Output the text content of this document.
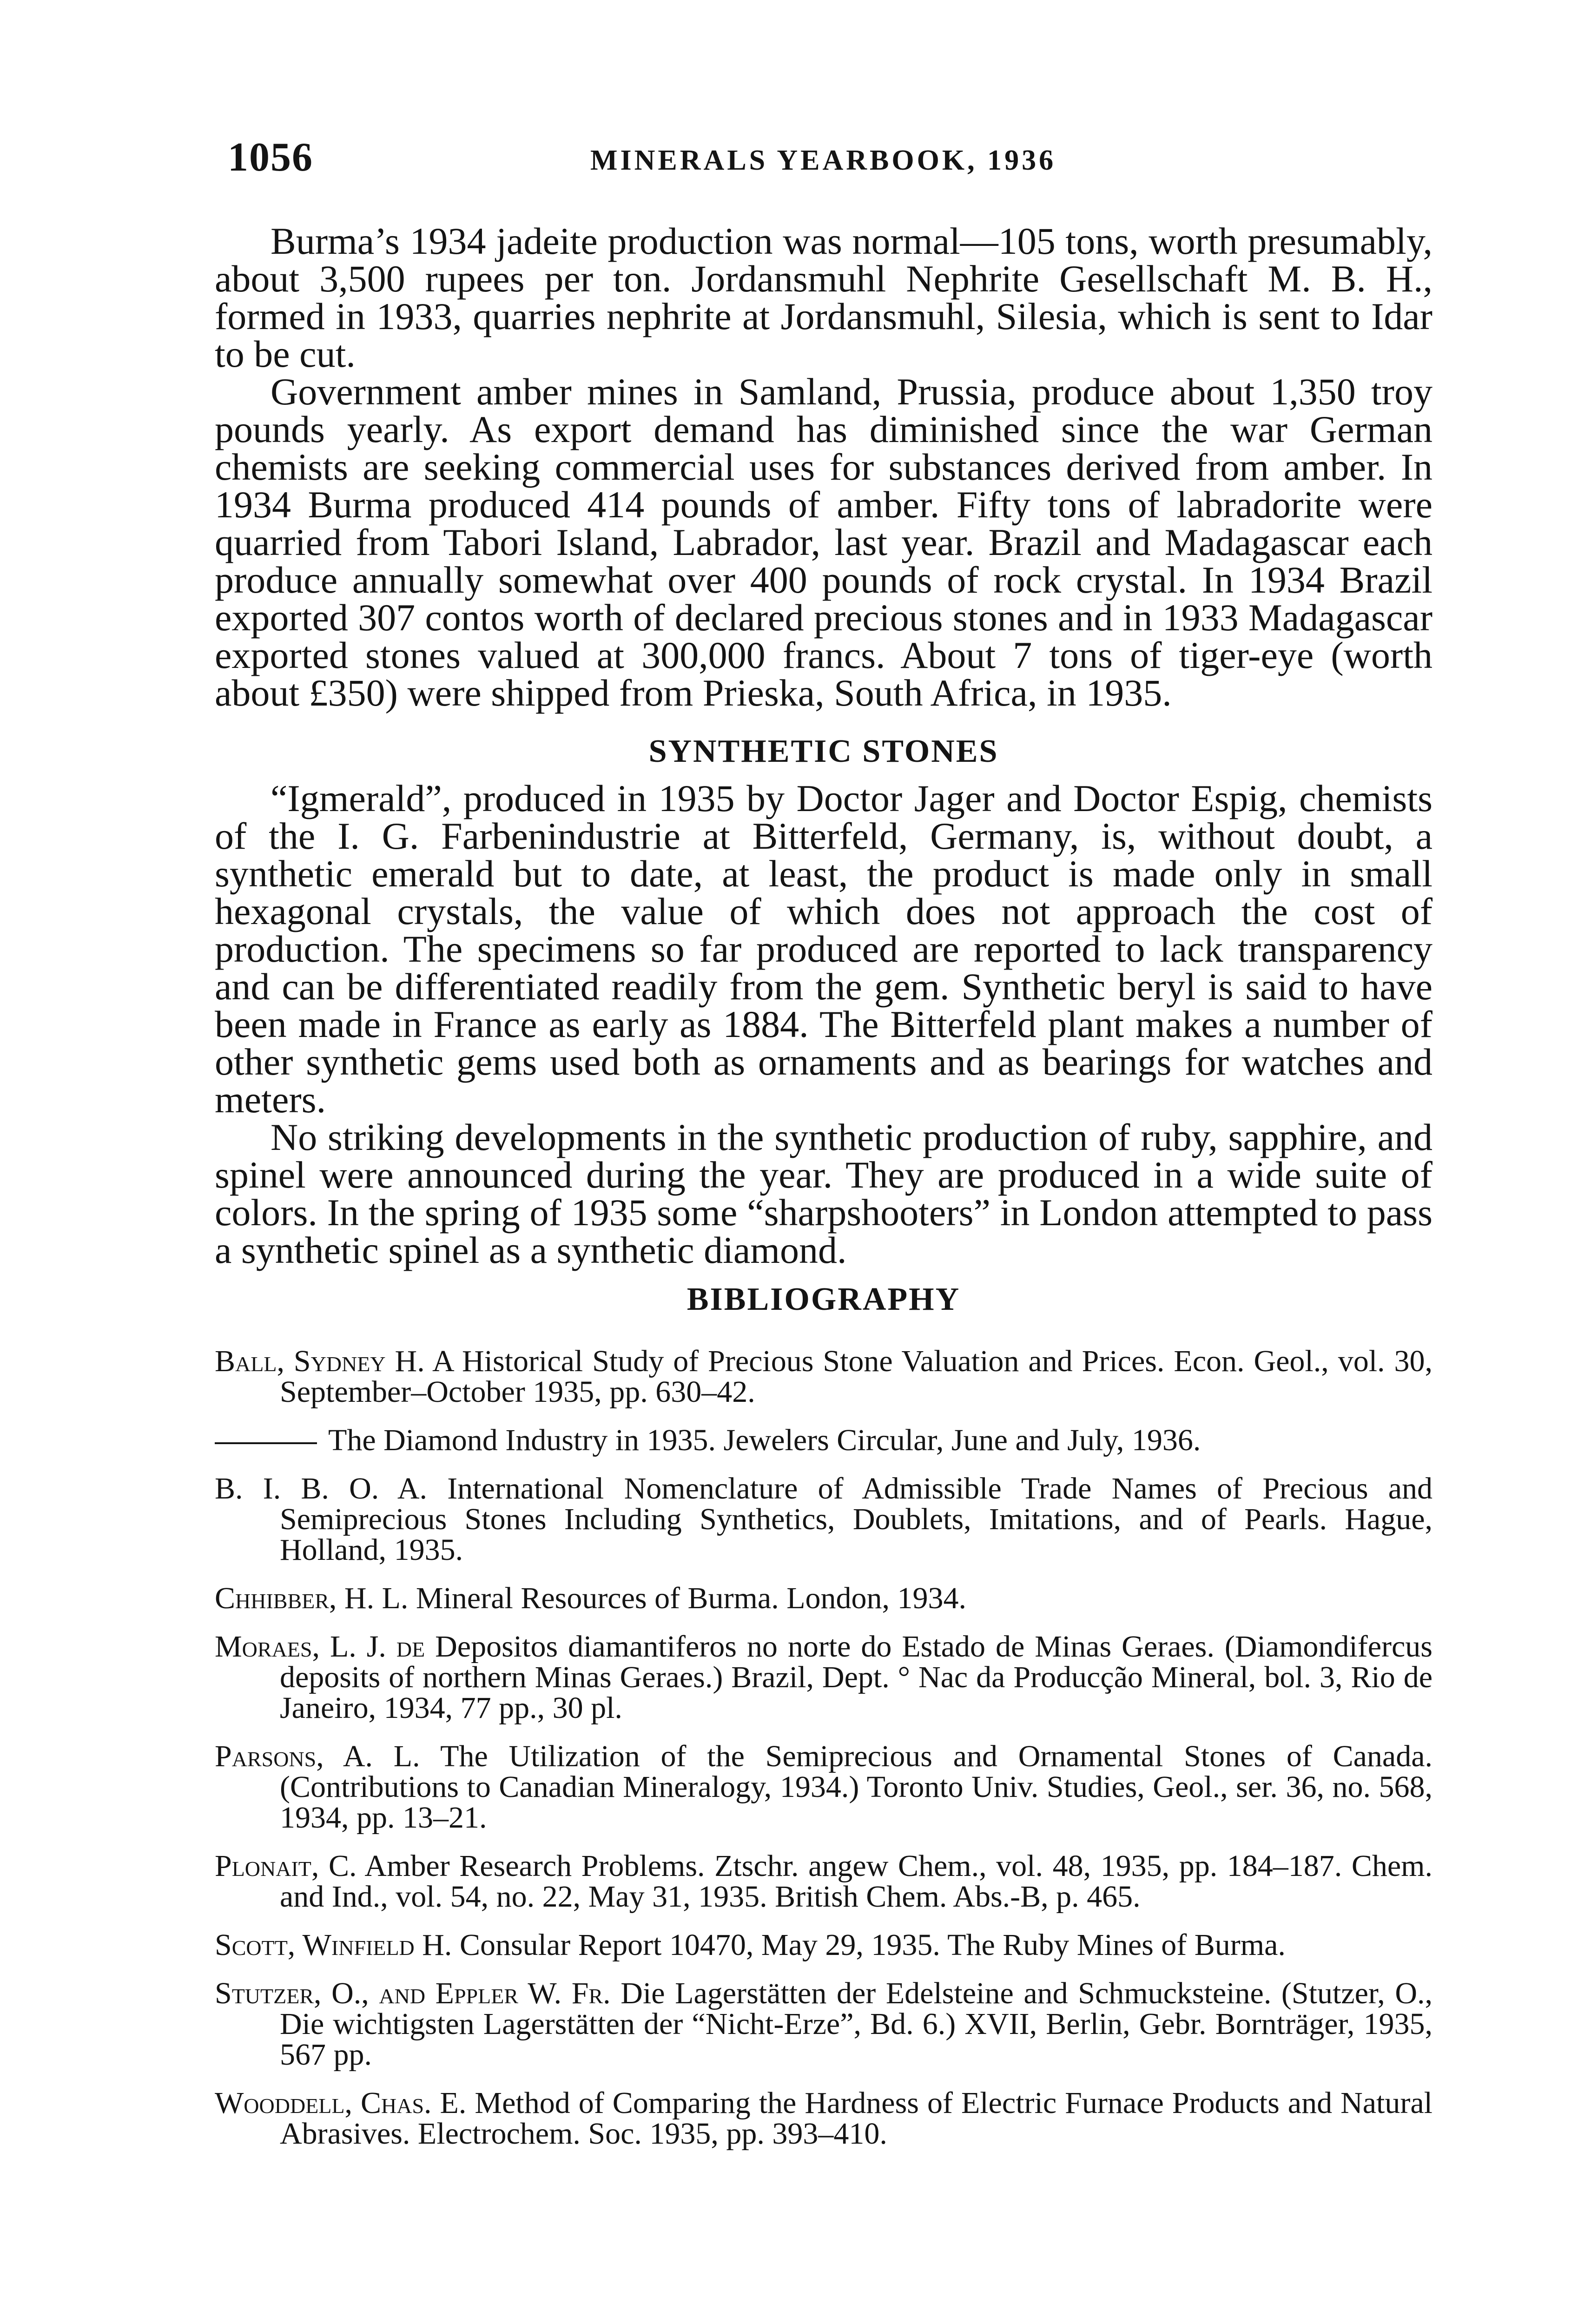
1056	MINERALS YEARBOOK, 1936

Burma’s 1934 jadeite production was normal—105 tons, worth presumably, about 3,500 rupees per ton. Jordansmuhl Nephrite Gesellschaft M. B. H., formed in 1933, quarries nephrite at Jordansmuhl, Silesia, which is sent to Idar to be cut.

Government amber mines in Samland, Prussia, produce about 1,350 troy pounds yearly. As export demand has diminished since the war German chemists are seeking commercial uses for substances derived from amber. In 1934 Burma produced 414 pounds of amber. Fifty tons of labradorite were quarried from Tabori Island, Labrador, last year. Brazil and Madagascar each produce annually somewhat over 400 pounds of rock crystal. In 1934 Brazil exported 307 contos worth of declared precious stones and in 1933 Madagascar exported stones valued at 300,000 francs. About 7 tons of tiger-eye (worth about £350) were shipped from Prieska, South Africa, in 1935.

SYNTHETIC STONES

“Igmerald”, produced in 1935 by Doctor Jager and Doctor Espig, chemists of the I. G. Farbenindustrie at Bitterfeld, Germany, is, without doubt, a synthetic emerald but to date, at least, the product is made only in small hexagonal crystals, the value of which does not approach the cost of production. The specimens so far produced are reported to lack transparency and can be differentiated readily from the gem. Synthetic beryl is said to have been made in France as early as 1884. The Bitterfeld plant makes a number of other synthetic gems used both as ornaments and as bearings for watches and meters.

No striking developments in the synthetic production of ruby, sapphire, and spinel were announced during the year. They are produced in a wide suite of colors. In the spring of 1935 some “sharpshooters” in London attempted to pass a synthetic spinel as a synthetic diamond.

BIBLIOGRAPHY
Ball, Sydney H. A Historical Study of Precious Stone Valuation and Prices. Econ. Geol., vol. 30, September–October 1935, pp. 630–42.
The Diamond Industry in 1935. Jewelers Circular, June and July, 1936.
B. I. B. O. A. International Nomenclature of Admissible Trade Names of Precious and Semiprecious Stones Including Synthetics, Doublets, Imitations, and of Pearls. Hague, Holland, 1935.
Chhibber, H. L. Mineral Resources of Burma. London, 1934.
Moraes, L. J. de Depositos diamantiferos no norte do Estado de Minas Geraes. (Diamondifercus deposits of northern Minas Geraes.) Brazil, Dept. ° Nac da Producção Mineral, bol. 3, Rio de Janeiro, 1934, 77 pp., 30 pl.
Parsons, A. L. The Utilization of the Semiprecious and Ornamental Stones of Canada. (Contributions to Canadian Mineralogy, 1934.) Toronto Univ. Studies, Geol., ser. 36, no. 568, 1934, pp. 13–21.
Plonait, C. Amber Research Problems. Ztschr. angew Chem., vol. 48, 1935, pp. 184–187. Chem. and Ind., vol. 54, no. 22, May 31, 1935. British Chem. Abs.-B, p. 465.
Scott, Winfield H. Consular Report 10470, May 29, 1935. The Ruby Mines of Burma.
Stutzer, O., and Eppler W. Fr. Die Lagerstätten der Edelsteine and Schmucksteine. (Stutzer, O., Die wichtigsten Lagerstätten der “Nicht-Erze”, Bd. 6.) XVII, Berlin, Gebr. Bornträger, 1935, 567 pp.
Wooddell, Chas. E. Method of Comparing the Hardness of Electric Furnace Products and Natural Abrasives. Electrochem. Soc. 1935, pp. 393–410.
